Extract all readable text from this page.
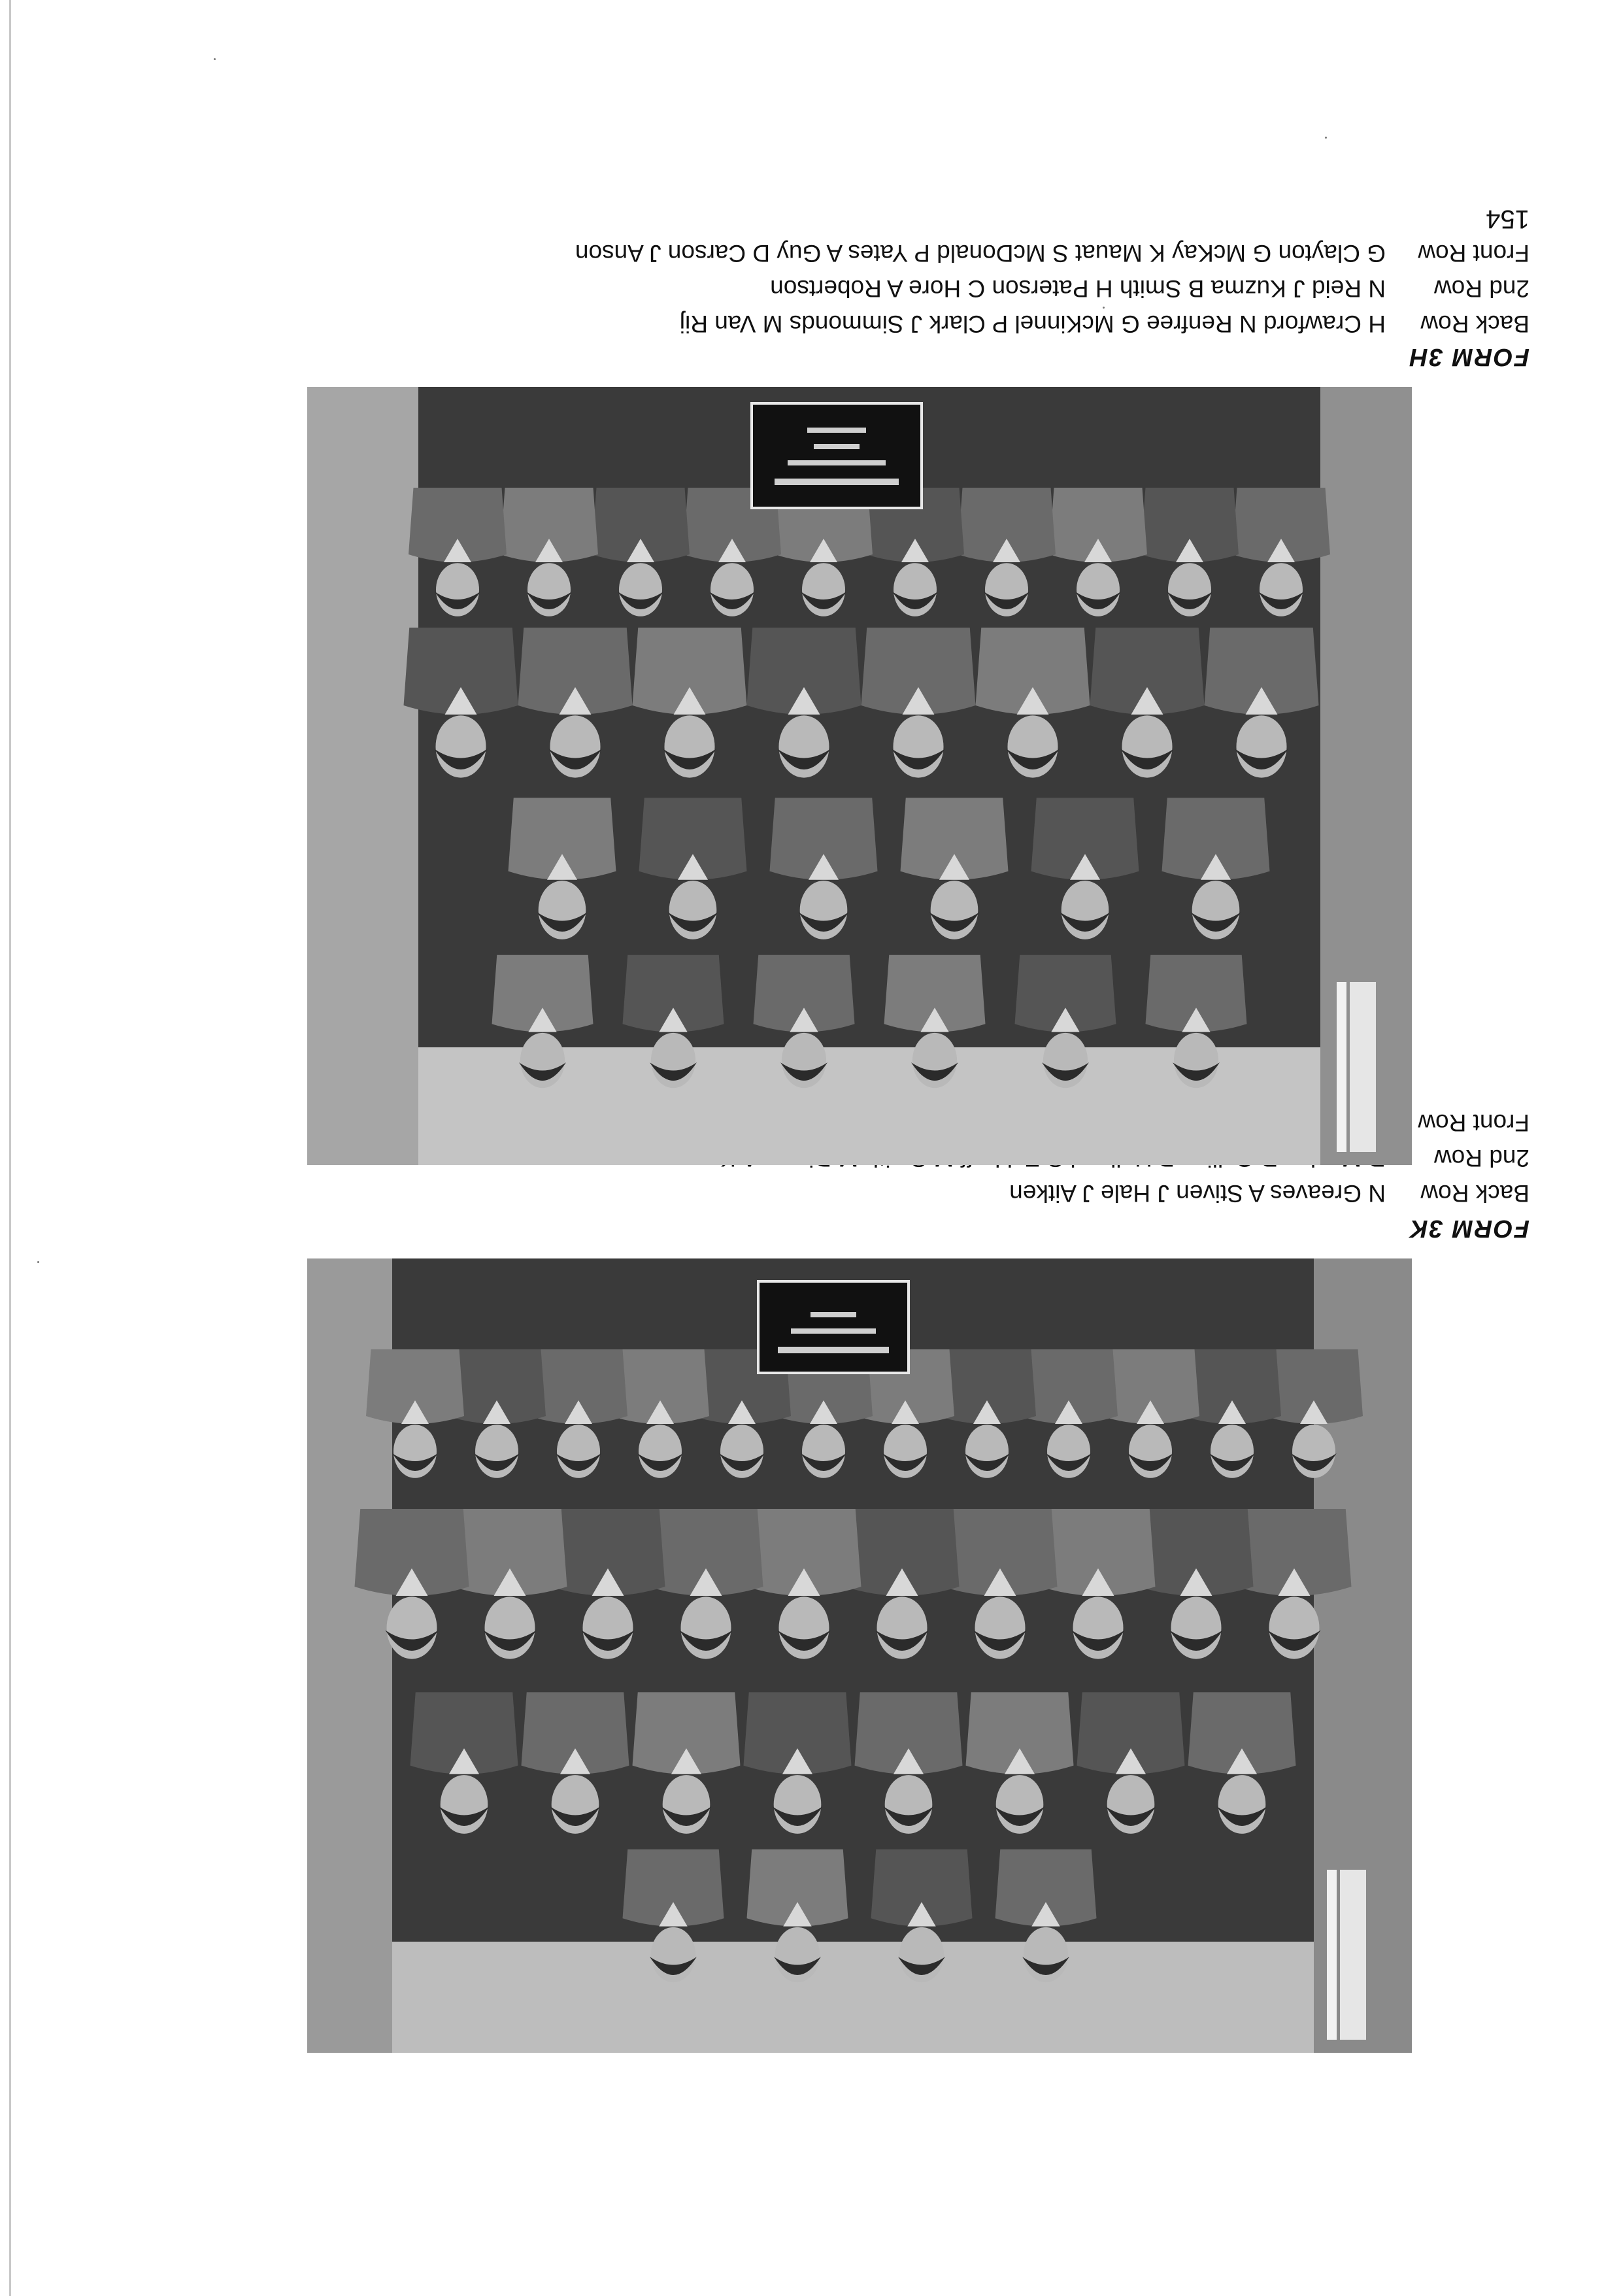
FORM 3K
Back Row
N Greaves A Stiven J Hale J Aitken
2nd Row
Front Row
FORM 3H
Back Row
H Crawford N Renfree G McKinnel P Clark J Simmonds M Van Rij
2nd Row
N Reid J Kuzma B Smith H Paterson C Hore A Robertson
Front Row
G Clayton G McKay K Mauat S McDonald P Yates A Guy D Carson J Anson
154
